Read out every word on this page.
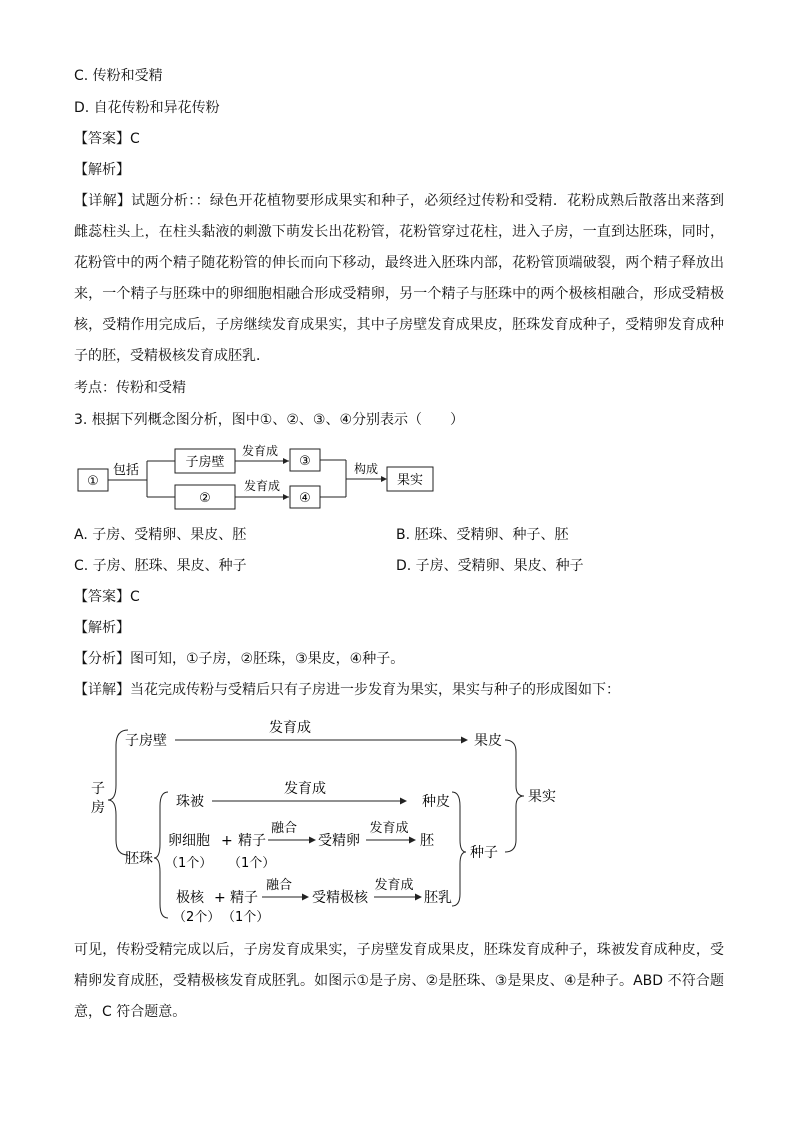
C. 传粉和受精
D. 自花传粉和异花传粉
【答案】C
【解析】
【详解】试题分析：：绿色开花植物要形成果实和种子，必须经过传粉和受精．花粉成熟后散落出来落到雌蕊柱头上，在柱头黏液的刺激下萌发长出花粉管，花粉管穿过花柱，进入子房，一直到达胚珠，同时，花粉管中的两个精子随花粉管的伸长而向下移动，最终进入胚珠内部，花粉管顶端破裂，两个精子释放出来，一个精子与胚珠中的卵细胞相融合形成受精卵，另一个精子与胚珠中的两个极核相融合，形成受精极核，受精作用完成后，子房继续发育成果实，其中子房壁发育成果皮，胚珠发育成种子，受精卵发育成种子的胚，受精极核发育成胚乳．
考点：传粉和受精
3. 根据下列概念图分析，图中①、②、③、④分别表示（　　）
①
包括
子房壁
②
发育成
发育成
③
④
构成
果实
A. 子房、受精卵、果皮、胚	B. 胚珠、受精卵、种子、胚
C. 子房、胚珠、果皮、种子	D. 子房、受精卵、果皮、种子
【答案】C
【解析】
【分析】图可知，①子房，②胚珠，③果皮，④种子。
【详解】当花完成传粉与受精后只有子房进一步发育为果实，果实与种子的形成图如下：
子
房
子房壁
发育成
果皮
果实
胚珠
珠被
发育成
种皮
卵细胞 + 精子
融合
受精卵
发育成
胚
（1个） （1个）
种子
极核 + 精子
融合
受精极核
发育成
胚乳
（2个） （1个）
可见，传粉受精完成以后，子房发育成果实，子房壁发育成果皮，胚珠发育成种子，珠被发育成种皮，受精卵发育成胚，受精极核发育成胚乳。如图示①是子房、②是胚珠、③是果皮、④是种子。ABD 不符合题意，C 符合题意。
